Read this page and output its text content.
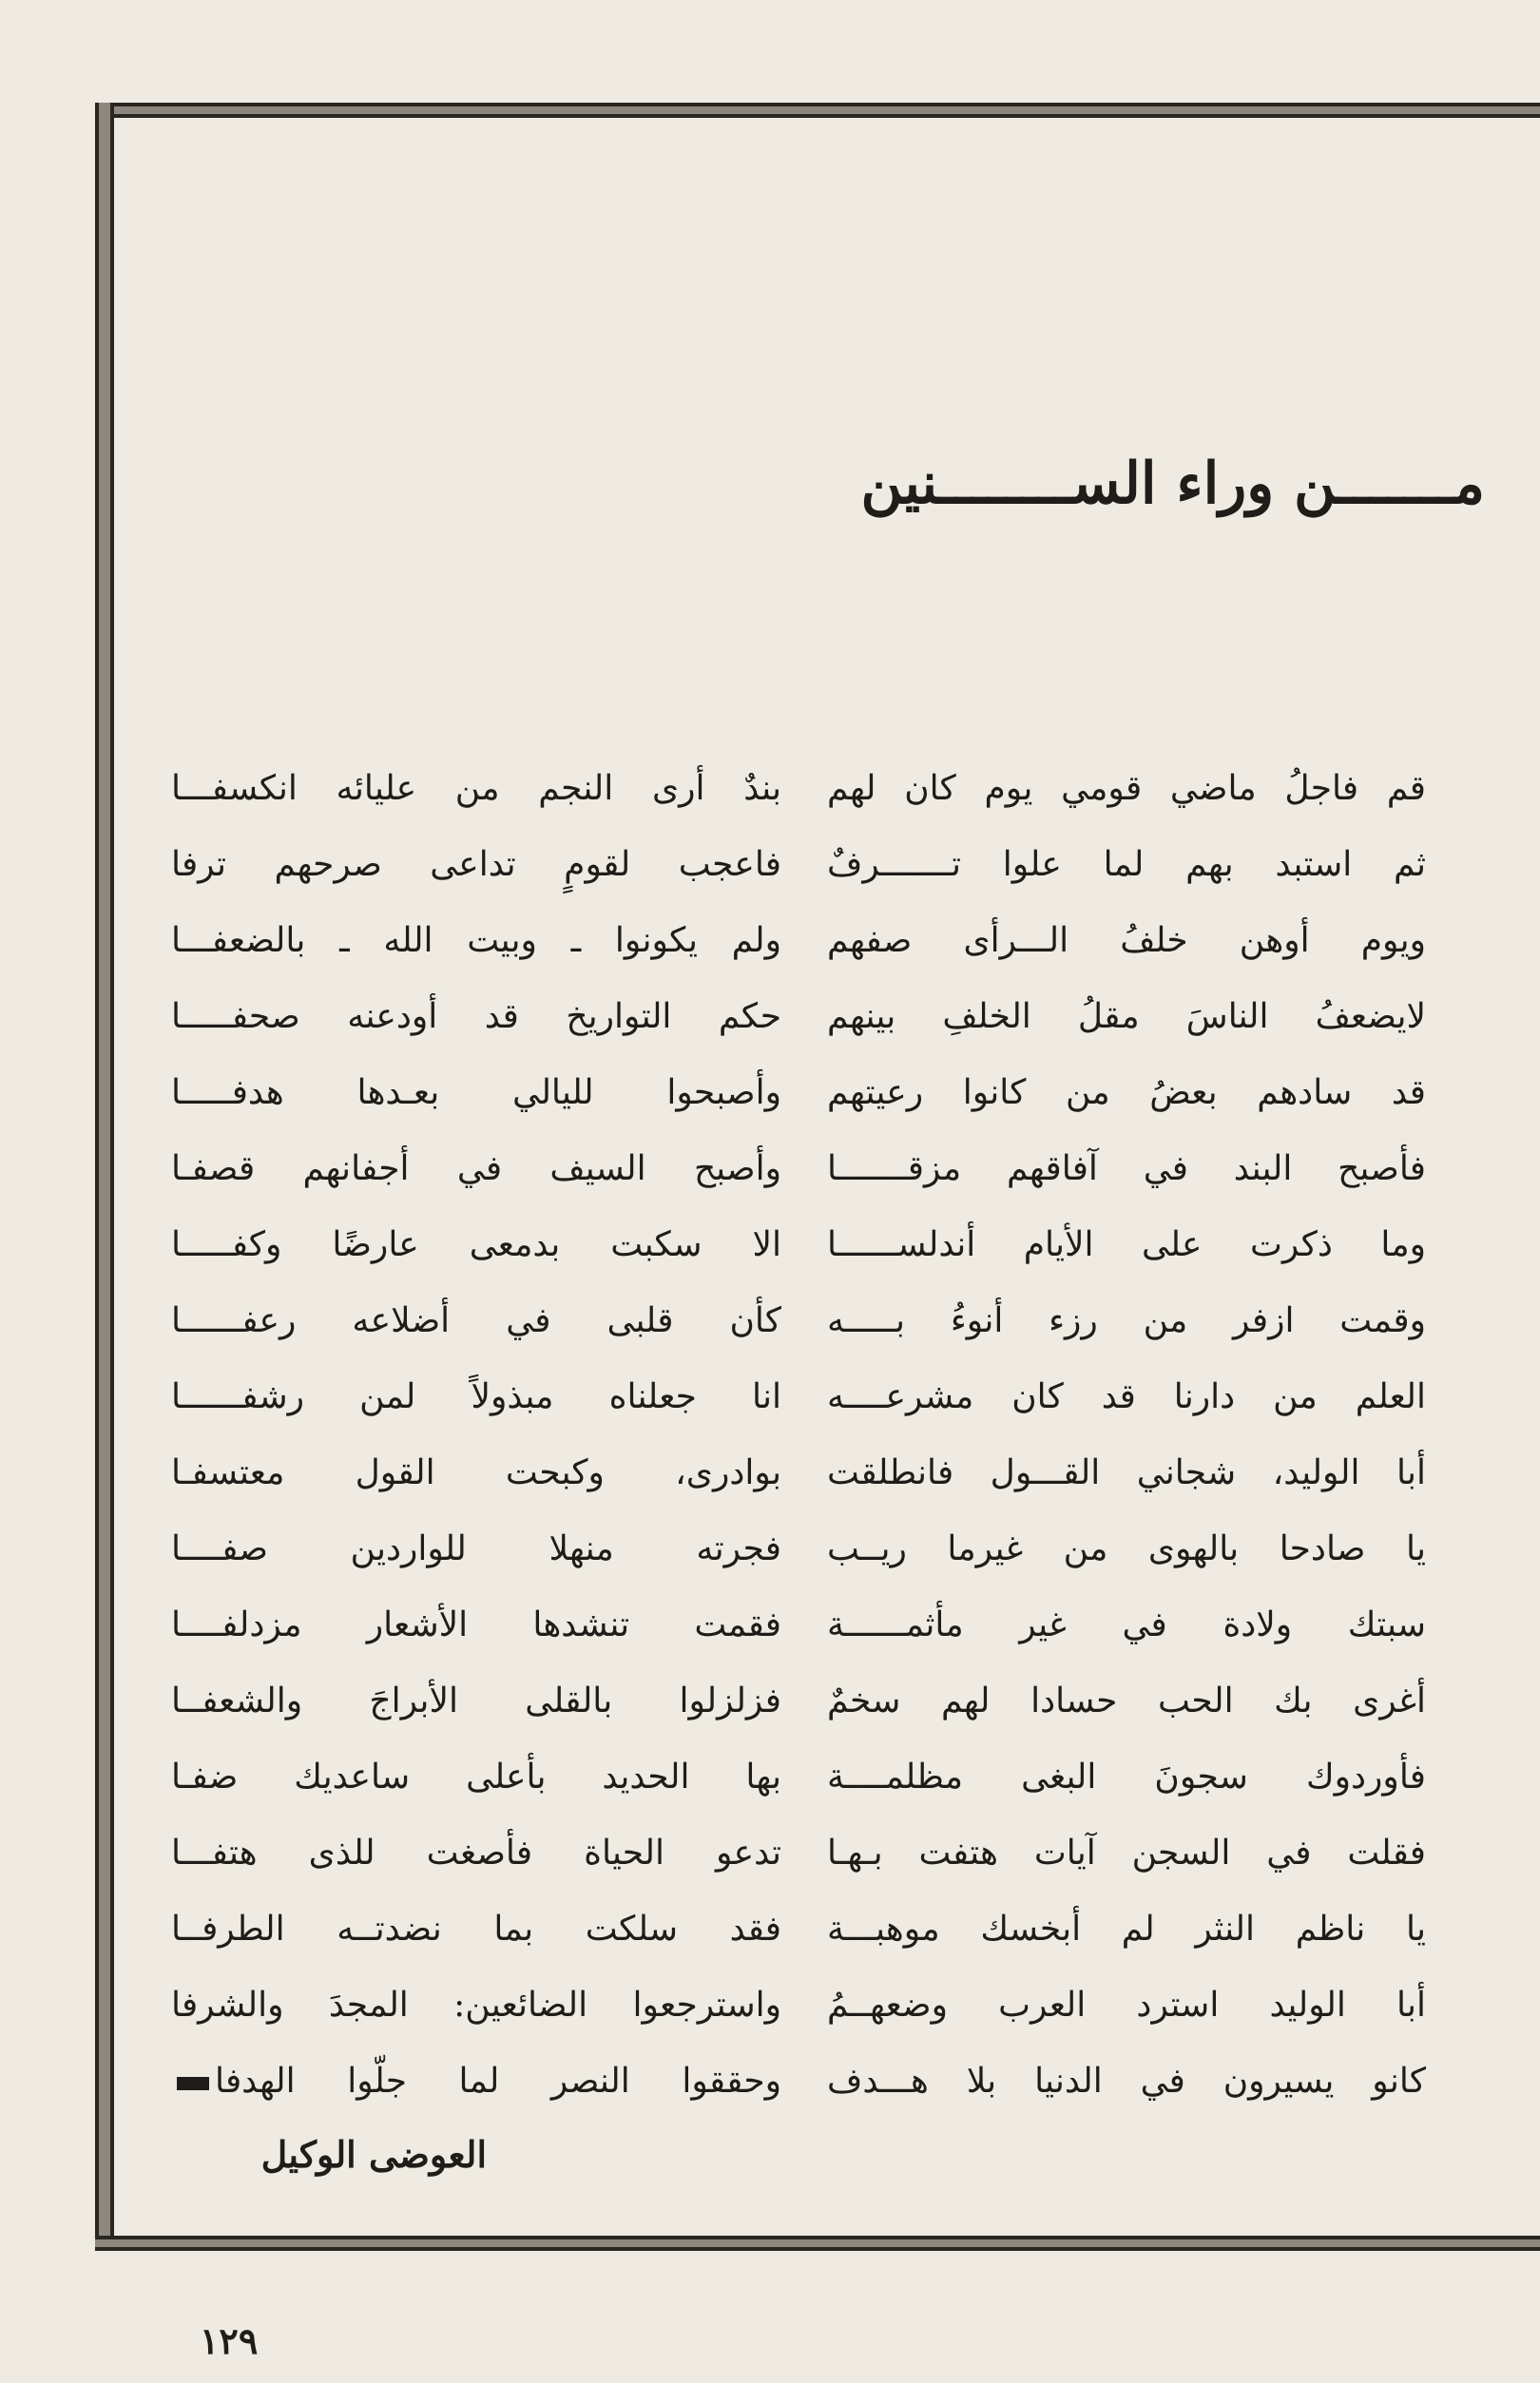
مـــــــن وراء الســــــــنين
قم فاجلُ ماضي قومي يوم كان لهم
ثم استبد بهم لما علوا تـــــــرفٌ
ويوم أوهن خلفُ الـــرأى صفهم
لايضعفُ الناسَ مقلُ الخلفِ بينهم
قد سادهم بعضُ من كانوا رعيتهم
فأصبح البند في آفاقهم مزقـــــــا
وما ذكرت على الأيام أندلســــــا
وقمت ازفر من رزء أنوءُ بـــــه
العلم من دارنا قد كان مشرعــــه
أبا الوليد، شجاني القـــول فانطلقت
يا صادحا بالهوى من غيرما ريــب
سبتك ولادة في غير مأثمــــــة
أغرى بك الحب حسادا لهم سخمٌ
فأوردوك سجونَ البغى مظلمــــة
فقلت في السجن آيات هتفت بـهـا
يا ناظم النثر لم أبخسك موهبـــة
أبا الوليد استرد العرب وضعهــمُ
كانو يسيرون في الدنيا بلا هـــدف
بندٌ أرى النجم من عليائه انكسفـــا
فاعجب لقومٍ تداعى صرحهم ترفا
ولم يكونوا ـ وبيت الله ـ بالضعفـــا
حكم التواريخ قد أودعنه صحفـــــا
وأصبحوا لليالي بعـدها هدفـــــا
وأصبح السيف في أجفانهم قصفـا
الا سكبت بدمعى عارضًا وكفـــــا
كأن قلبى في أضلاعه رعفــــــا
انا جعلناه مبذولاً لمن رشفــــــا
بوادرى، وكبحت القول معتسفـا
فجرته منهلا للواردين صفــــا
فقمت تنشدها الأشعار مزدلفــــا
فزلزلوا بالقلى الأبراجَ والشعفــا
بها الحديد بأعلى ساعديك ضفـا
تدعو الحياة فأصغت للذى هتفـــا
فقد سلكت بما نضدتــه الطرفــا
واسترجعوا الضائعين: المجدَ والشرفا
وحققوا النصر لما جلّوا الهدفا
العوضى الوكيل
١٢٩
